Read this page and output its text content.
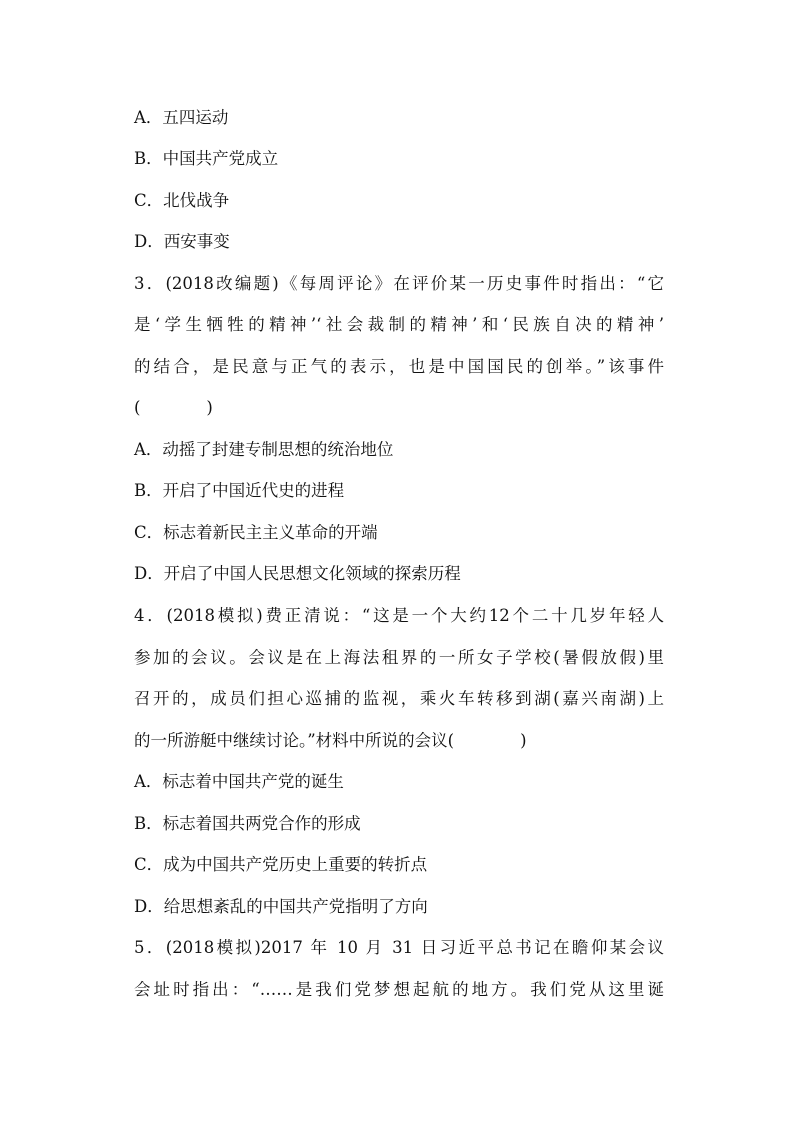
A．五四运动
B．中国共产党成立
C．北伐战争
D．西安事变
3．(2018改编题)《每周评论》在评价某一历史事件时指出：“它
是‘学生牺牲的精神’‘社会裁制的精神’和‘民族自决的精神’
的结合，是民意与正气的表示，也是中国国民的创举。”该事件
(　　　　)
A．动摇了封建专制思想的统治地位
B．开启了中国近代史的进程
C．标志着新民主主义革命的开端
D．开启了中国人民思想文化领域的探索历程
4．(2018模拟)费正清说：“这是一个大约12个二十几岁年轻人
参加的会议。会议是在上海法租界的一所女子学校(暑假放假)里
召开的，成员们担心巡捕的监视，乘火车转移到湖(嘉兴南湖)上
的一所游艇中继续讨论。”材料中所说的会议(　　　　)
A．标志着中国共产党的诞生
B．标志着国共两党合作的形成
C．成为中国共产党历史上重要的转折点
D．给思想紊乱的中国共产党指明了方向
5．(2018模拟)2017 年 10 月 31 日习近平总书记在瞻仰某会议
会址时指出：“……是我们党梦想起航的地方。我们党从这里诞
